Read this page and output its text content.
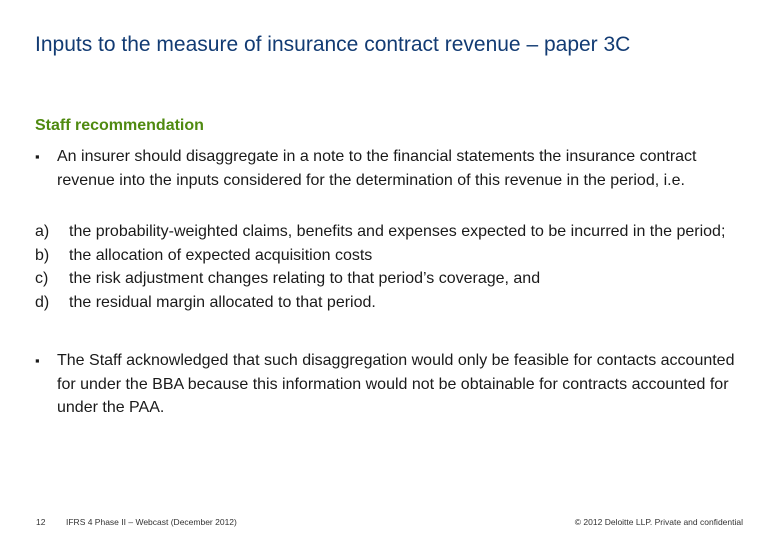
Inputs to the measure of insurance contract revenue – paper 3C
Staff recommendation
▪	An insurer should disaggregate in a note to the financial statements the insurance contract revenue into the inputs considered for the determination of this revenue in the period, i.e.
a) the probability-weighted claims, benefits and expenses expected to be incurred in the period;
b) the allocation of expected acquisition costs
c) the risk adjustment changes relating to that period’s coverage, and
d) the residual margin allocated to that period.
▪	The Staff acknowledged that such disaggregation would only be feasible for contacts accounted for under the BBA because this information would not be obtainable for contracts accounted for under the PAA.
12 IFRS 4 Phase II – Webcast (December 2012)	© 2012 Deloitte LLP. Private and confidential
